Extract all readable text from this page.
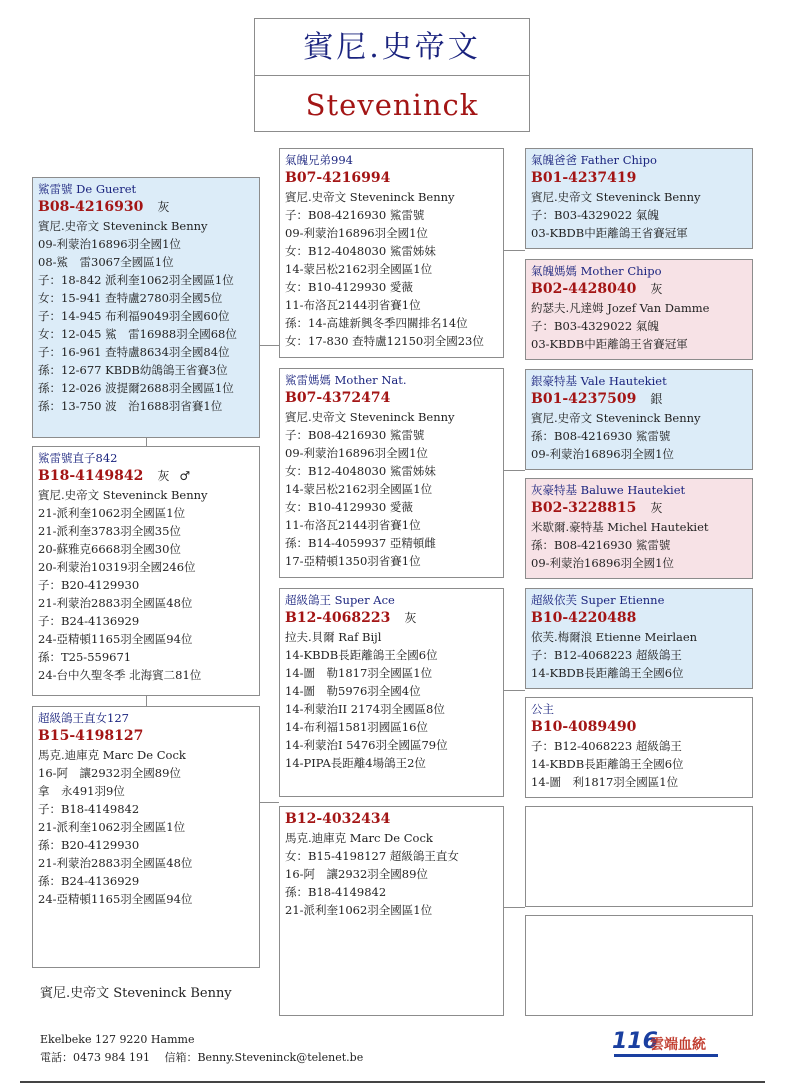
賓尼.史帝文
Steveninck
鯊雷號 De Gueret
B08-4216930 灰
賓尼.史帝文 Steveninck Benny
09-利蒙治16896羽全國1位
08-鯊　雷3067全國區1位
子：18-842 派利奎1062羽全國區1位
女：15-941 查特盧2780羽全國5位
子：14-945 布利福9049羽全國60位
女：12-045 鯊　雷16988羽全國68位
子：16-961 查特盧8634羽全國84位
孫：12-677 KBDB幼鴿鴿王省賽3位
孫：12-026 波提爾2688羽全國區1位
孫：13-750 波　治1688羽省賽1位
鯊雷號直子842
B18-4149842 灰 ♂
賓尼.史帝文 Steveninck Benny
21-派利奎1062羽全國區1位
21-派利奎3783羽全國35位
20-蘇雅克6668羽全國30位
20-利蒙治10319羽全國246位
子：B20-4129930
21-利蒙治2883羽全國區48位
子：B24-4136929
24-亞精頓1165羽全國區94位
孫：T25-559671
24-台中久聖冬季 北海賓二81位
超級鴿王直女127
B15-4198127
馬克.迪庫克 Marc De Cock
16-阿　讓2932羽全國89位
拿　永491羽9位
子：B18-4149842
21-派利奎1062羽全國區1位
孫：B20-4129930
21-利蒙治2883羽全國區48位
孫：B24-4136929
24-亞精頓1165羽全國區94位
氣魄兄弟994
B07-4216994
賓尼.史帝文 Steveninck Benny
子：B08-4216930 鯊雷號
09-利蒙治16896羽全國1位
女：B12-4048030 鯊雷姊妹
14-蒙呂松2162羽全國區1位
女：B10-4129930 愛薇
11-布洛瓦2144羽省賽1位
孫：14-高雄新興冬季四關排名14位
女：17-830 查特盧12150羽全國23位
鯊雷媽媽 Mother Nat.
B07-4372474
賓尼.史帝文 Steveninck Benny
子：B08-4216930 鯊雷號
09-利蒙治16896羽全國1位
女：B12-4048030 鯊雷姊妹
14-蒙呂松2162羽全國區1位
女：B10-4129930 愛薇
11-布洛瓦2144羽省賽1位
孫：B14-4059937 亞精頓雌
17-亞精頓1350羽省賽1位
超級鴿王 Super Ace
B12-4068223 灰
拉夫.貝爾 Raf Bijl
14-KBDB長距離鴿王全國6位
14-圖　勒1817羽全國區1位
14-圖　勒5976羽全國4位
14-利蒙治II 2174羽全國區8位
14-布利福1581羽國區16位
14-利蒙治I 5476羽全國區79位
14-PIPA長距離4場鴿王2位
B12-4032434
馬克.迪庫克 Marc De Cock
女：B15-4198127 超級鴿王直女
16-阿　讓2932羽全國89位
孫：B18-4149842
21-派利奎1062羽全國區1位
氣魄爸爸 Father Chipo
B01-4237419
賓尼.史帝文 Steveninck Benny
子：B03-4329022 氣魄
03-KBDB中距離鴿王省賽冠軍
氣魄媽媽 Mother Chipo
B02-4428040 灰
約瑟夫.凡達姆 Jozef Van Damme
子：B03-4329022 氣魄
03-KBDB中距離鴿王省賽冠軍
銀豪特基 Vale Hautekiet
B01-4237509 銀
賓尼.史帝文 Steveninck Benny
孫：B08-4216930 鯊雷號
09-利蒙治16896羽全國1位
灰豪特基 Baluwe Hautekiet
B02-3228815 灰
米歇爾.豪特基 Michel Hautekiet
孫：B08-4216930 鯊雷號
09-利蒙治16896羽全國1位
超級依芙 Super Etienne
B10-4220488
依芙.梅爾浪 Etienne Meirlaen
子：B12-4068223 超級鴿王
14-KBDB長距離鴿王全國6位
公主
B10-4089490
子：B12-4068223 超級鴿王
14-KBDB長距離鴿王全國6位
14-圖　利1817羽全國區1位
賓尼.史帝文 Steveninck Benny
Ekelbeke 127 9220 Hamme
電話：0473 984 191　 信箱：Benny.Steveninck@telenet.be
116
雲端血統
